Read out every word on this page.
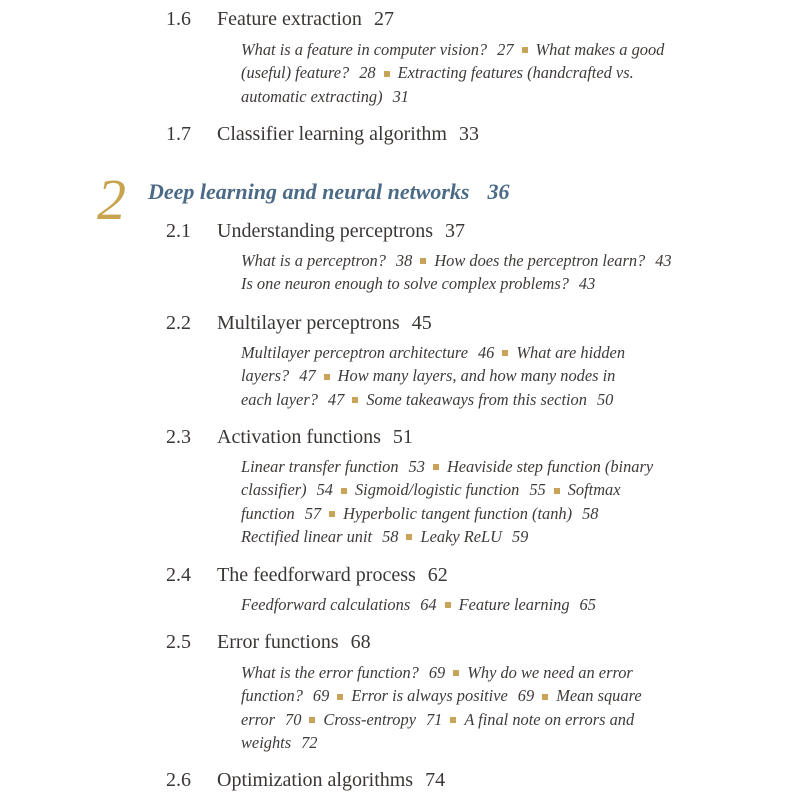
1.6 Feature extraction 27
What is a feature in computer vision? 27 What makes a good
(useful) feature? 28 Extracting features (handcrafted vs.
automatic extracting) 31
1.7 Classifier learning algorithm 33
2 Deep learning and neural networks 36
2.1 Understanding perceptrons 37
What is a perceptron? 38 How does the perceptron learn? 43
Is one neuron enough to solve complex problems? 43
2.2 Multilayer perceptrons 45
Multilayer perceptron architecture 46 What are hidden
layers? 47 How many layers, and how many nodes in
each layer? 47 Some takeaways from this section 50
2.3 Activation functions 51
Linear transfer function 53 Heaviside step function (binary
classifier) 54 Sigmoid/logistic function 55 Softmax
function 57 Hyperbolic tangent function (tanh) 58
Rectified linear unit 58 Leaky ReLU 59
2.4 The feedforward process 62
Feedforward calculations 64 Feature learning 65
2.5 Error functions 68
What is the error function? 69 Why do we need an error
function? 69 Error is always positive 69 Mean square
error 70 Cross-entropy 71 A final note on errors and
weights 72
2.6 Optimization algorithms 74
